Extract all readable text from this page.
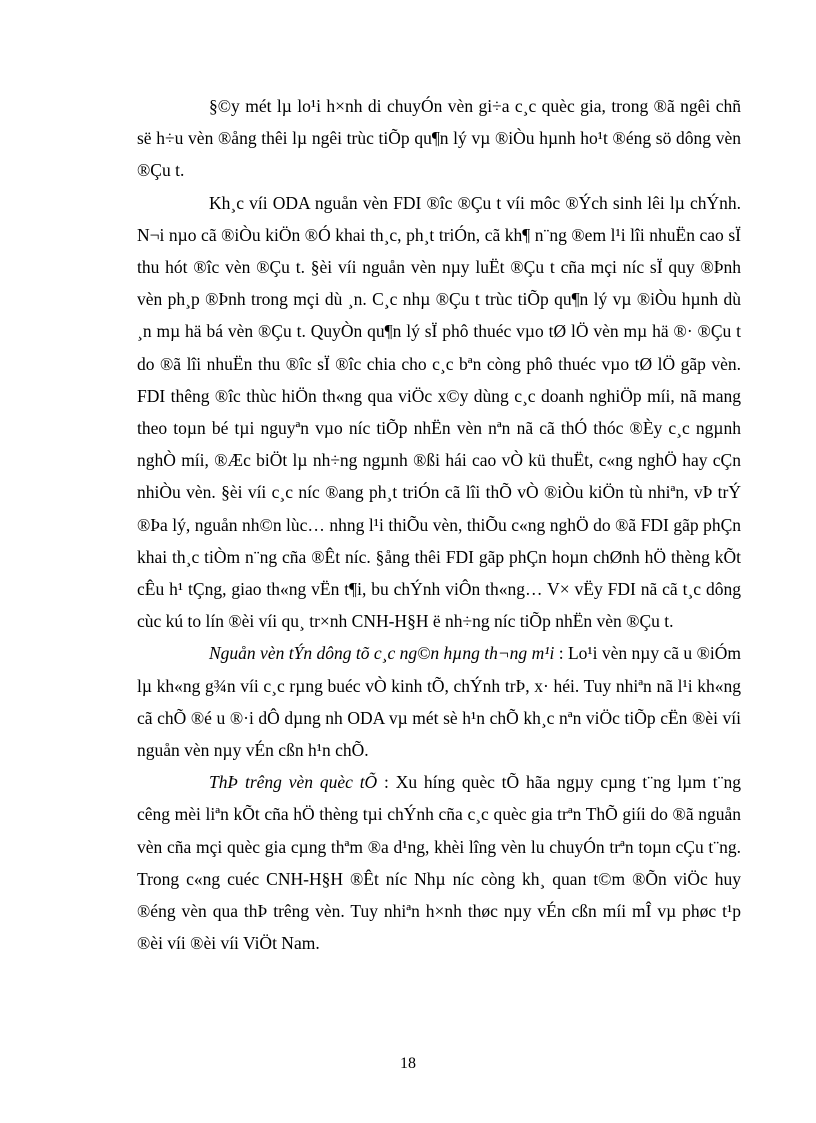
§©y mét lµ lo¹i h×nh di chuyÓn vèn gi÷a c¸c quèc gia, trong ®ã ngêi chñ së h÷u vèn ®ång thêi lµ ngêi trùc tiÕp qu¶n lý vµ ®iÒu hµnh ho¹t ®éng sö dông vèn ®Çu t.

Kh¸c víi ODA nguån vèn FDI ®îc ®Çu t víi môc ®Ých sinh lêi lµ chÝnh. N¬i nµo cã ®iÒu kiÖn ®Ó khai th¸c, ph¸t triÓn, cã kh¶ n¨ng ®em l¹i lîi nhuËn cao sÏ thu hót ®îc vèn ®Çu t. §èi víi nguån vèn nµy luËt ®Çu t cña mçi níc sÏ quy ®Þnh vèn ph¸p ®Þnh trong mçi dù ¸n. C¸c nhµ ®Çu t trùc tiÕp qu¶n lý vµ ®iÒu hµnh dù ¸n mµ hä bá vèn ®Çu t. QuyÒn qu¶n lý sÏ phô thuéc vµo tØ lÖ vèn mµ hä ®· ®Çu t do ®ã lîi nhuËn thu ®îc sÏ ®îc chia cho c¸c bªn còng phô thuéc vµo tØ lÖ gãp vèn. FDI thêng ®îc thùc hiÖn th«ng qua viÖc x©y dùng c¸c doanh nghiÖp míi, nã mang theo toµn bé tµi nguyªn vµo níc tiÕp nhËn vèn nªn nã cã thÓ thóc ®Èy c¸c ngµnh nghÒ míi, ®Æc biÖt lµ nh÷ng ngµnh ®ßi hái cao vÒ kü thuËt, c«ng nghÖ hay cÇn nhiÒu vèn. §èi víi c¸c níc ®ang ph¸t triÓn cã lîi thÕ vÒ ®iÒu kiÖn tù nhiªn, vÞ trÝ ®Þa lý, nguån nh©n lùc… nhng l¹i thiÕu vèn, thiÕu c«ng nghÖ do ®ã FDI gãp phÇn khai th¸c tiÒm n¨ng cña ®Êt níc. §ång thêi FDI gãp phÇn hoµn chØnh hÖ thèng kÕt cÊu h¹ tÇng, giao th«ng vËn t¶i, bu chÝnh viÔn th«ng… V× vËy FDI nã cã t¸c dông cùc kú to lín ®èi víi qu¸ tr×nh CNH-H§H ë nh÷ng níc tiÕp nhËn vèn ®Çu t.

Nguån vèn tÝn dông tõ c¸c ng©n hµng th¬ng m¹i : Lo¹i vèn nµy cã u ®iÓm lµ kh«ng g¾n víi c¸c rµng buéc vÒ kinh tÕ, chÝnh trÞ, x· héi. Tuy nhiªn nã l¹i kh«ng cã chÕ ®é u ®·i dÔ dµng nh ODA vµ mét sè h¹n chÕ kh¸c nªn viÖc tiÕp cËn ®èi víi nguån vèn nµy vÉn cßn h¹n chÕ.

ThÞ trêng vèn quèc tÕ : Xu híng quèc tÕ hãa ngµy cµng t¨ng lµm t¨ng cêng mèi liªn kÕt cña hÖ thèng tµi chÝnh cña c¸c quèc gia trªn ThÕ giíi do ®ã nguån vèn cña mçi quèc gia cµng thªm ®a d¹ng, khèi lîng vèn lu chuyÓn trªn toµn cÇu t¨ng. Trong c«ng cuéc CNH-H§H ®Êt níc Nhµ níc còng kh¸ quan t©m ®Õn viÖc huy ®éng vèn qua thÞ trêng vèn. Tuy nhiªn h×nh thøc nµy vÉn cßn míi mÎ vµ phøc t¹p ®èi víi ®èi víi ViÖt Nam.

18
